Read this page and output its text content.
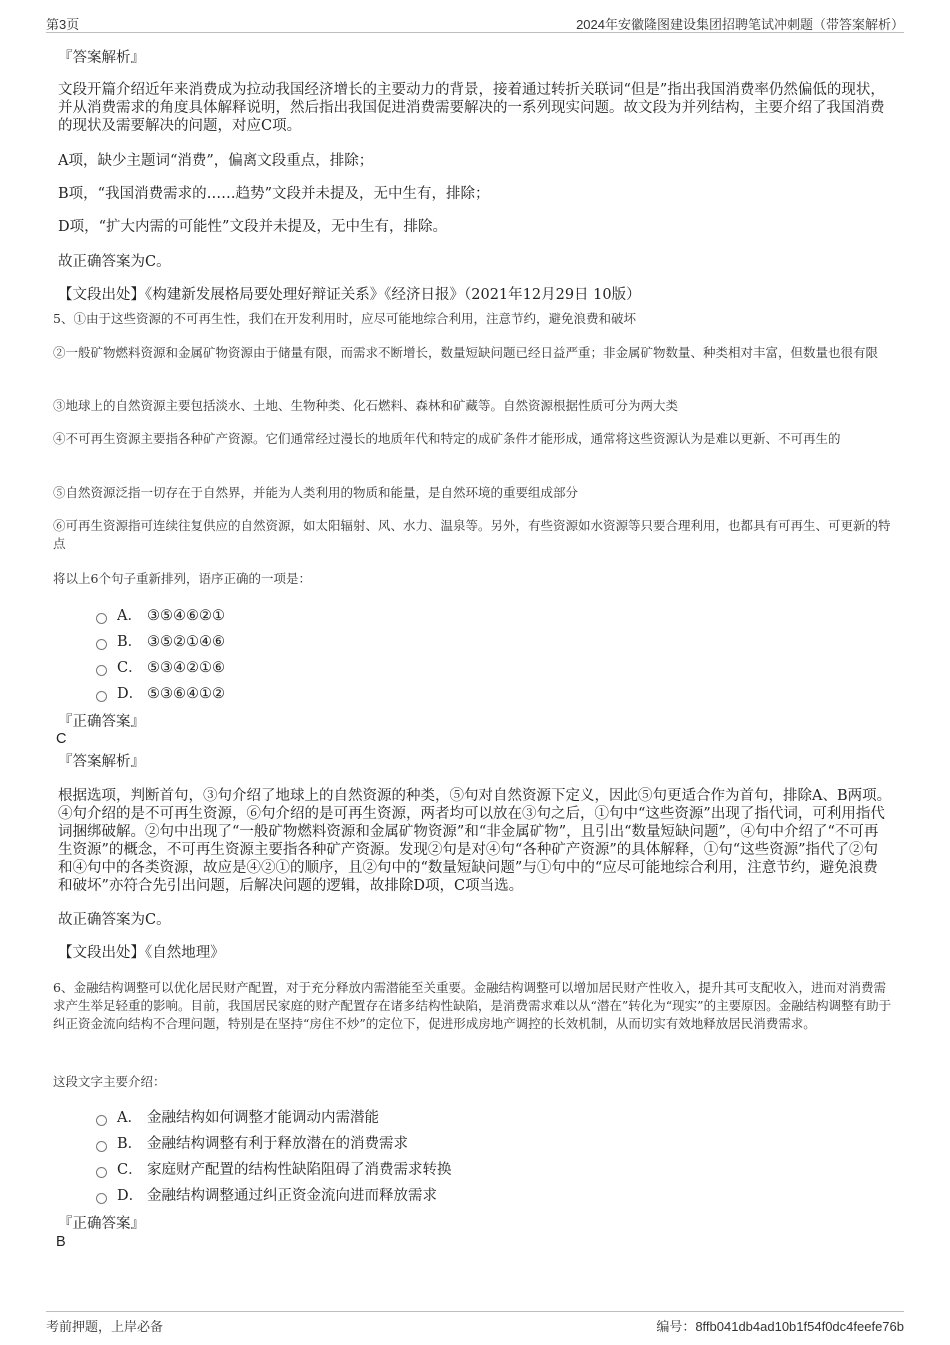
第3页	2024年安徽隆图建设集团招聘笔试冲刺题（带答案解析）
『答案解析』
文段开篇介绍近年来消费成为拉动我国经济增长的主要动力的背景，接着通过转折关联词“但是”指出我国消费率仍然偏低的现状，并从消费需求的角度具体解释说明，然后指出我国促进消费需要解决的一系列现实问题。故文段为并列结构，主要介绍了我国消费的现状及需要解决的问题，对应C项。
A项，缺少主题词“消费”，偏离文段重点，排除；
B项，“我国消费需求的……趋势”文段并未提及，无中生有，排除；
D项，“扩大内需的可能性”文段并未提及，无中生有，排除。
故正确答案为C。
【文段出处】《构建新发展格局要处理好辩证关系》《经济日报》（2021年12月29日 10版）
5、①由于这些资源的不可再生性，我们在开发利用时，应尽可能地综合利用，注意节约，避免浪费和破坏
②一般矿物燃料资源和金属矿物资源由于储量有限，而需求不断增长，数量短缺问题已经日益严重；非金属矿物数量、种类相对丰富，但数量也很有限
③地球上的自然资源主要包括淡水、土地、生物种类、化石燃料、森林和矿藏等。自然资源根据性质可分为两大类
④不可再生资源主要指各种矿产资源。它们通常经过漫长的地质年代和特定的成矿条件才能形成，通常将这些资源认为是难以更新、不可再生的
⑤自然资源泛指一切存在于自然界，并能为人类利用的物质和能量，是自然环境的重要组成部分
⑥可再生资源指可连续往复供应的自然资源，如太阳辐射、风、水力、温泉等。另外，有些资源如水资源等只要合理利用，也都具有可再生、可更新的特点
将以上6个句子重新排列，语序正确的一项是：
A． ③⑤④⑥②①
B． ③⑤②①④⑥
C． ⑤③④②①⑥
D． ⑤③⑥④①②
『正确答案』
C
『答案解析』
根据选项，判断首句，③句介绍了地球上的自然资源的种类，⑤句对自然资源下定义，因此⑤句更适合作为首句，排除A、B两项。④句介绍的是不可再生资源，⑥句介绍的是可再生资源，两者均可以放在③句之后，①句中“这些资源”出现了指代词，可利用指代词捆绑破解。②句中出现了“一般矿物燃料资源和金属矿物资源”和“非金属矿物”，且引出“数量短缺问题”，④句中介绍了“不可再生资源”的概念，不可再生资源主要指各种矿产资源。发现②句是对④句“各种矿产资源”的具体解释，①句“这些资源”指代了②句和④句中的各类资源，故应是④②①的顺序，且②句中的“数量短缺问题”与①句中的“应尽可能地综合利用，注意节约，避免浪费和破坏”亦符合先引出问题，后解决问题的逻辑，故排除D项，C项当选。
故正确答案为C。
【文段出处】《自然地理》
6、金融结构调整可以优化居民财产配置，对于充分释放内需潜能至关重要。金融结构调整可以增加居民财产性收入，提升其可支配收入，进而对消费需求产生举足轻重的影响。目前，我国居民家庭的财产配置存在诸多结构性缺陷，是消费需求难以从“潜在”转化为“现实”的主要原因。金融结构调整有助于纠正资金流向结构不合理问题，特别是在坚持“房住不炒”的定位下，促进形成房地产调控的长效机制，从而切实有效地释放居民消费需求。
这段文字主要介绍：
A． 金融结构如何调整才能调动内需潜能
B． 金融结构调整有利于释放潜在的消费需求
C． 家庭财产配置的结构性缺陷阻碍了消费需求转换
D． 金融结构调整通过纠正资金流向进而释放需求
『正确答案』
B
考前押题，上岸必备	编号：8ffb041db4ad10b1f54f0dc4feefe76b
